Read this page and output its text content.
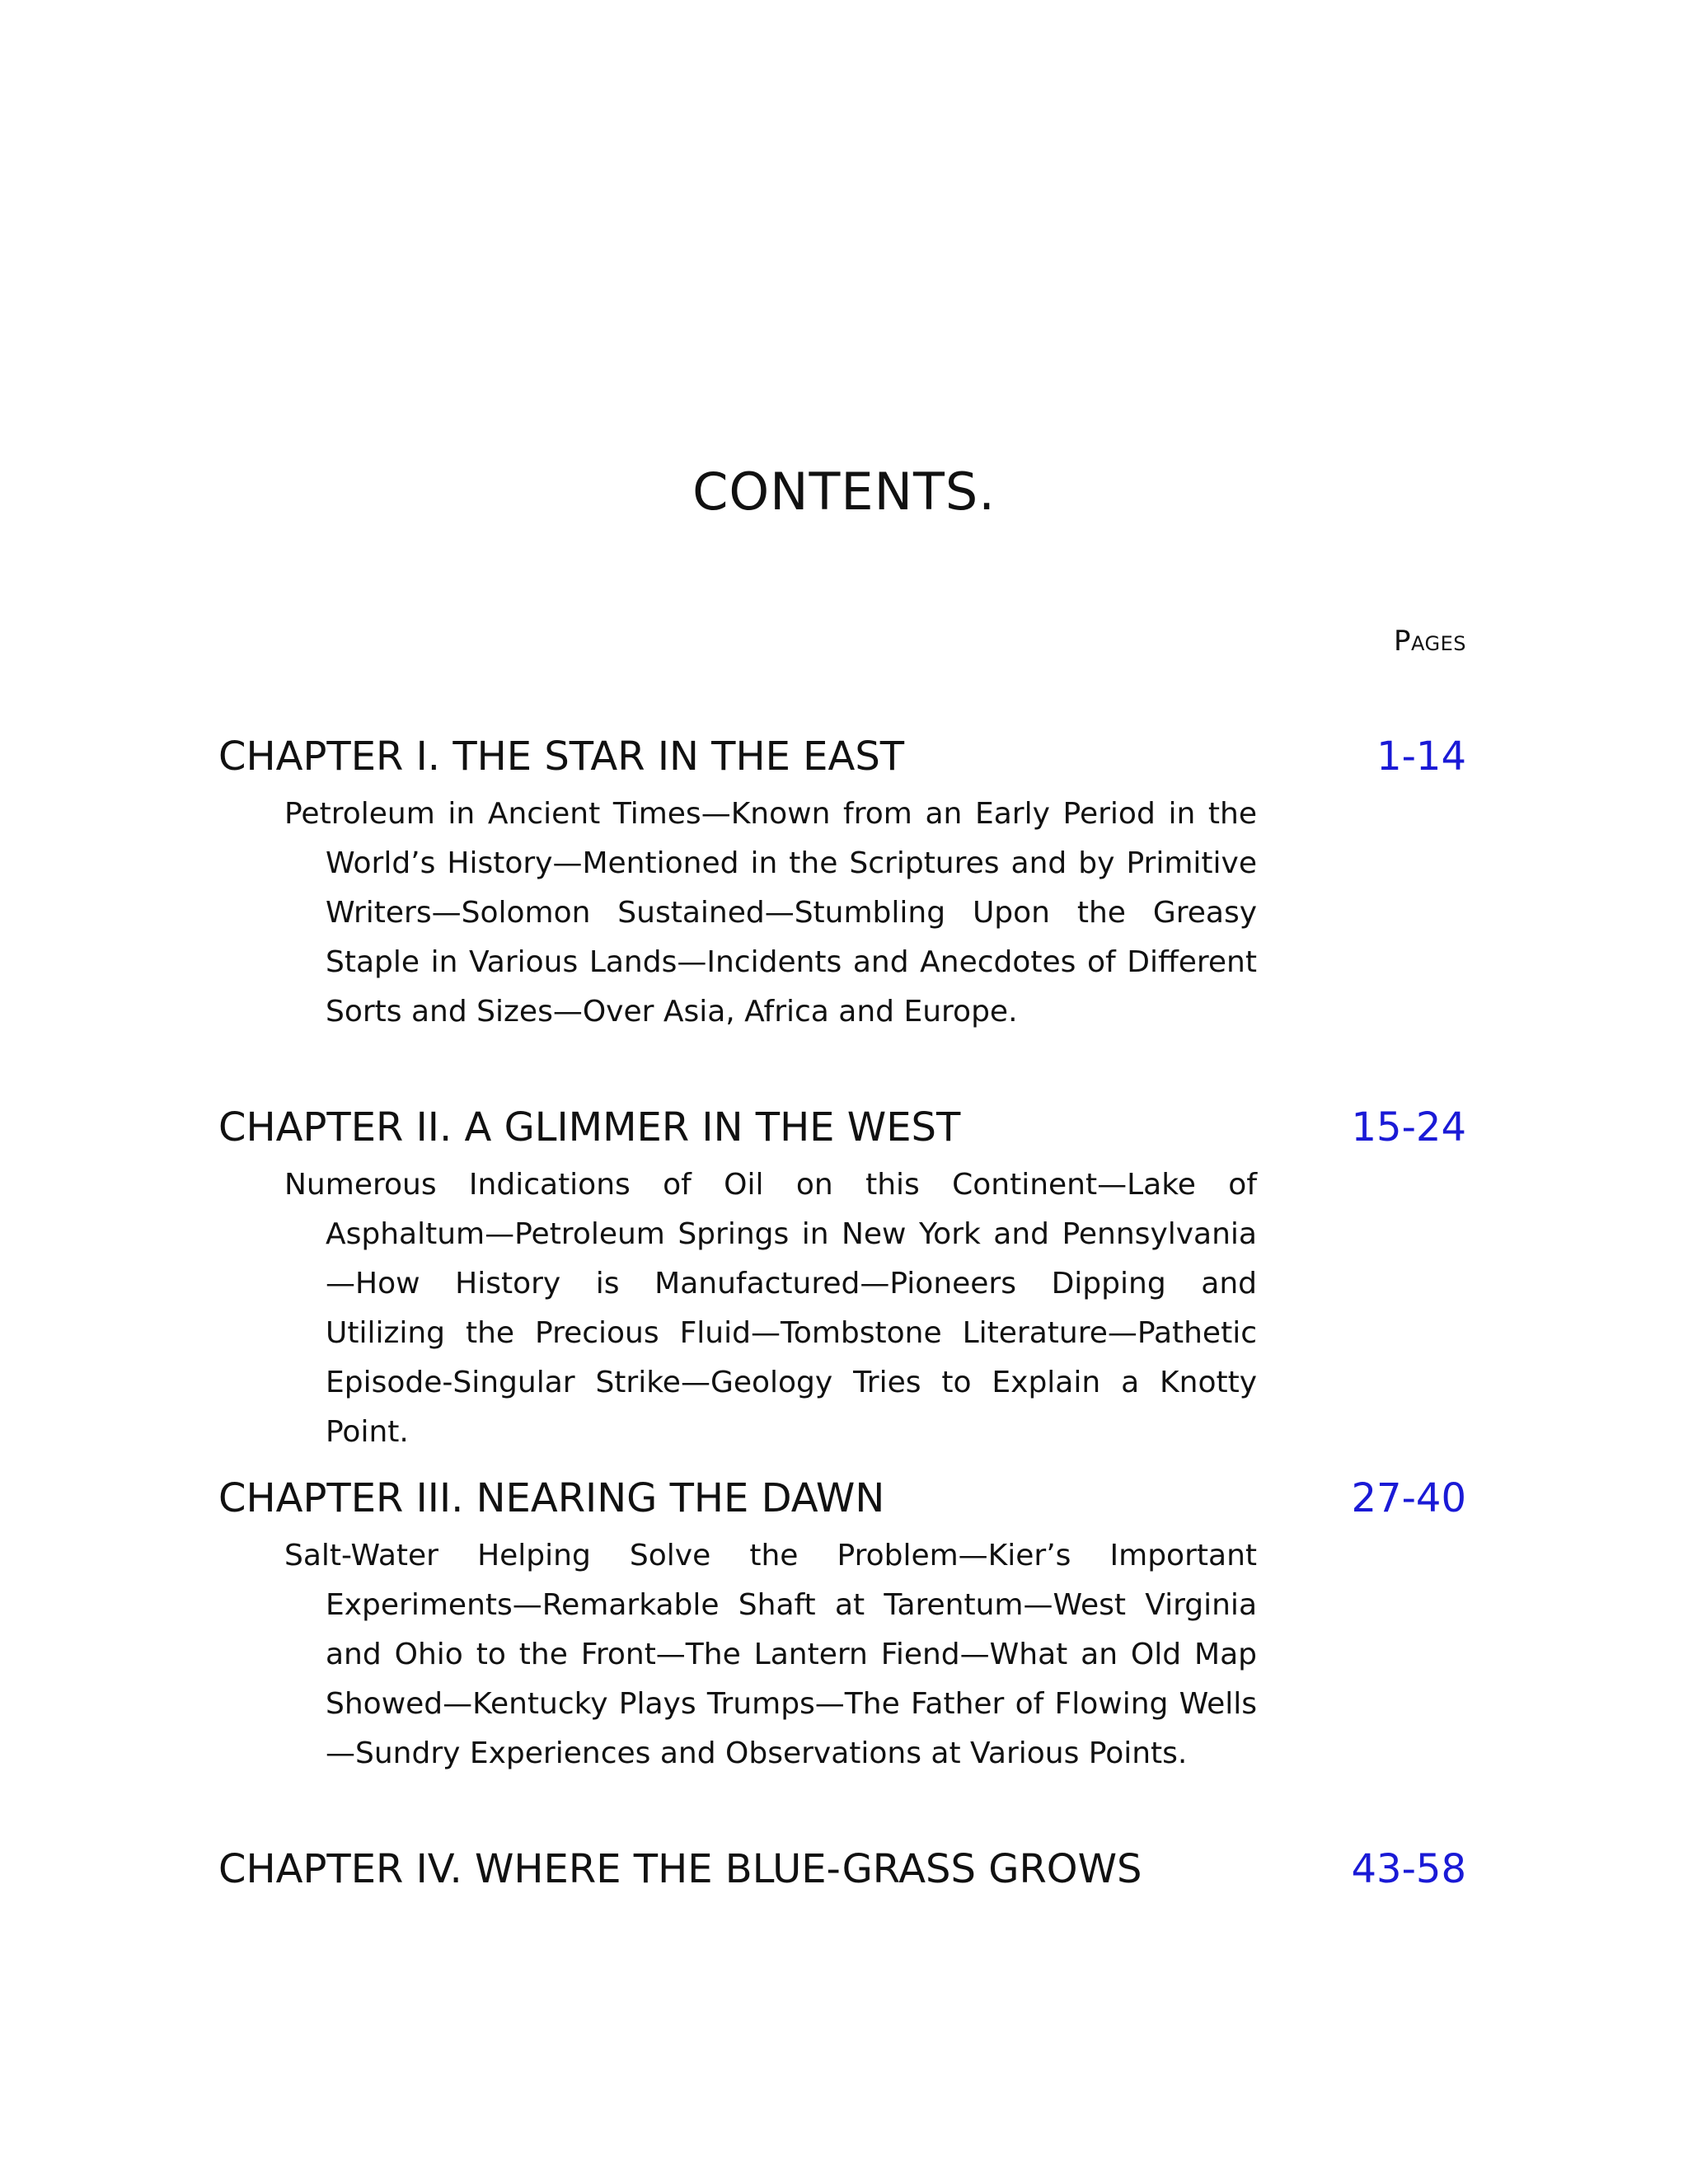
CONTENTS.
Pages
CHAPTER I. THE STAR IN THE EAST	1-14
Petroleum in Ancient Times—Known from an Early Period in the World’s History—Mentioned in the Scriptures and by Primitive Writers—Solomon Sustained—Stumbling Upon the Greasy Staple in Various Lands—Incidents and Anecdotes of Different Sorts and Sizes—Over Asia, Africa and Europe.
CHAPTER II. A GLIMMER IN THE WEST	15-24
Numerous Indications of Oil on this Continent—Lake of Asphaltum—Petroleum Springs in New York and Pennsylvania—How History is Manufactured—Pioneers Dipping and Utilizing the Precious Fluid—Tombstone Literature—Pathetic Episode-Singular Strike—Geology Tries to Explain a Knotty Point.
CHAPTER III. NEARING THE DAWN	27-40
Salt-Water Helping Solve the Problem—Kier’s Important Experiments—Remarkable Shaft at Tarentum—West Virginia and Ohio to the Front—The Lantern Fiend—What an Old Map Showed—Kentucky Plays Trumps—The Father of Flowing Wells—Sundry Experiences and Observations at Various Points.
CHAPTER IV. WHERE THE BLUE-GRASS GROWS	43-58
